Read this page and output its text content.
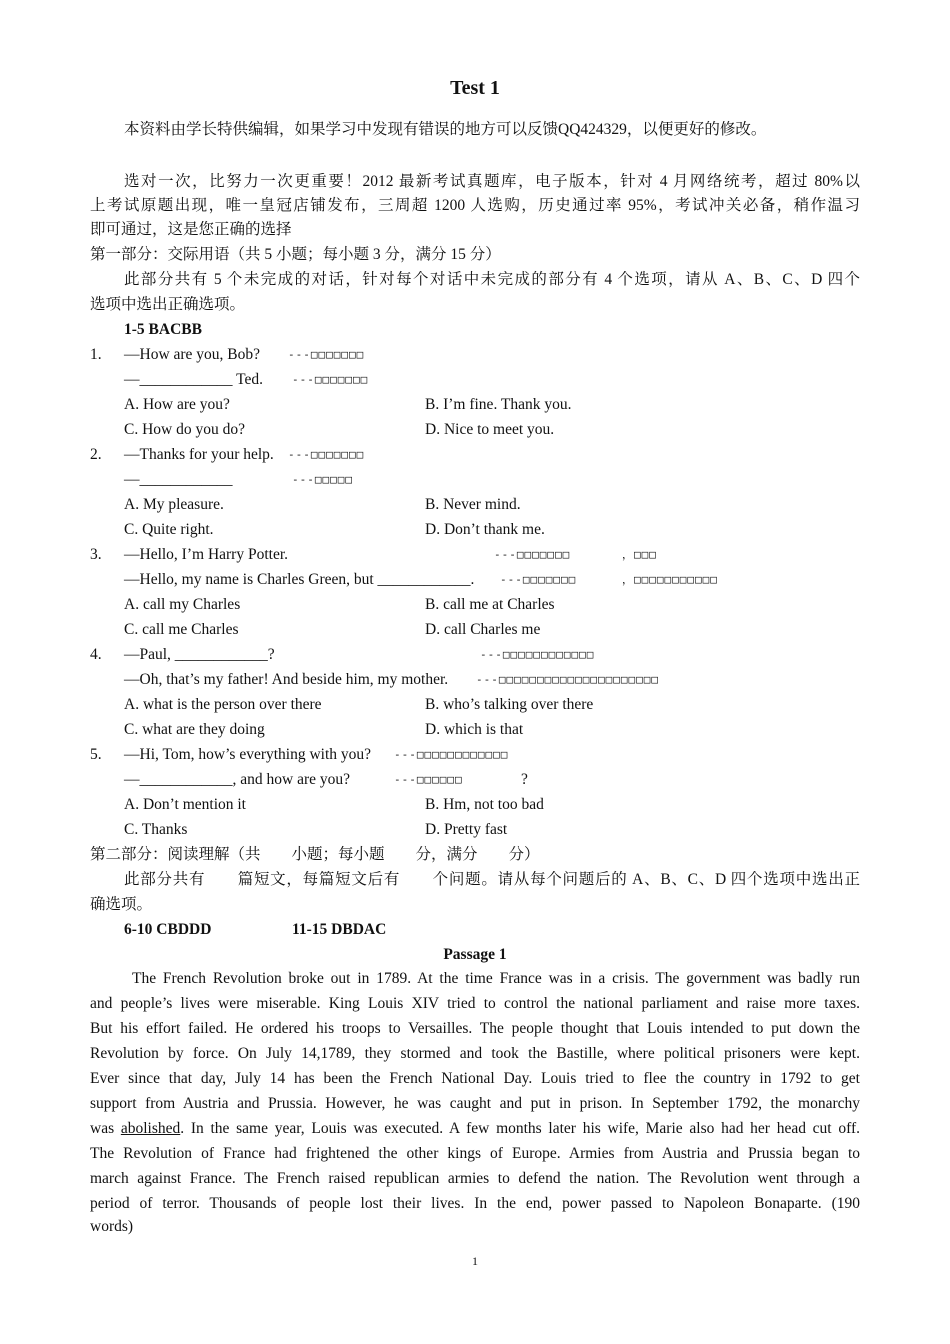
Test 1
本资料由学长特供编辑，如果学习中发现有错误的地方可以反馈QQ424329，以便更好的修改。
选对一次，比努力一次更重要！2012 最新考试真题库，电子版本，针对 4 月网络统考，超过 80%以
上考试原题出现，唯一皇冠店铺发布，三周超 1200 人选购，历史通过率 95%，考试冲关必备，稍作温习
即可通过，这是您正确的选择
第一部分：交际用语（共 5 小题；每小题 3 分，满分 15 分）
此部分共有 5 个未完成的对话，针对每个对话中未完成的部分有 4 个选项，请从 A、B、C、D 四个
选项中选出正确选项。
1-5 BACBB
1. —How are you, Bob?	---□□□□□□□
—____________ Ted.	---□□□□□□□
A. How are you?	B. I’m fine. Thank you.
C. How do you do?	D. Nice to meet you.
2. —Thanks for your help. ---□□□□□□□
—____________	---□□□□□
A. My pleasure.	B. Never mind.
C. Quite right.	D. Don’t thank me.
3. —Hello, I’m Harry Potter.	---□□□□□□□	，□□□
—Hello, my name is Charles Green, but ____________. ---□□□□□□□	，□□□□□□□□□□□
A. call my Charles	B. call me at Charles
C. call me Charles	D. call Charles me
4. —Paul, ____________?	---□□□□□□□□□□□□
—Oh, that’s my father! And beside him, my mother.	---□□□□□□□□□□□□□□□□□□□□□
A. what is the person over there	B. who’s talking over there
C. what are they doing	D. which is that
5. —Hi, Tom, how’s everything with you? ---□□□□□□□□□□□□
—____________, and how are you?	---□□□□□□	?
A. Don’t mention it	B. Hm, not too bad
C. Thanks	D. Pretty fast
第二部分：阅读理解（共　　小题；每小题　　分，满分　　分）
此部分共有　　篇短文，每篇短文后有　　个问题。请从每个问题后的 A、B、C、D 四个选项中选出正
确选项。
6-10 CBDDD	11-15 DBDAC
Passage 1
The French Revolution broke out in 1789. At the time France was in a crisis. The government was badly run
and people’s lives were miserable. King Louis XIV tried to control the national parliament and raise more taxes.
But his effort failed. He ordered his troops to Versailles. The people thought that Louis intended to put down the
Revolution by force. On July 14,1789, they stormed and took the Bastille, where political prisoners were kept.
Ever since that day, July 14 has been the French National Day. Louis tried to flee the country in 1792 to get
support from Austria and Prussia. However, he was caught and put in prison. In September 1792, the monarchy
was abolished. In the same year, Louis was executed. A few months later his wife, Marie also had her head cut off.
The Revolution of France had frightened the other kings of Europe. Armies from Austria and Prussia began to
march against France. The French raised republican armies to defend the nation. The Revolution went through a
period of terror. Thousands of people lost their lives. In the end, power passed to Napoleon Bonaparte. (190
words)
1
